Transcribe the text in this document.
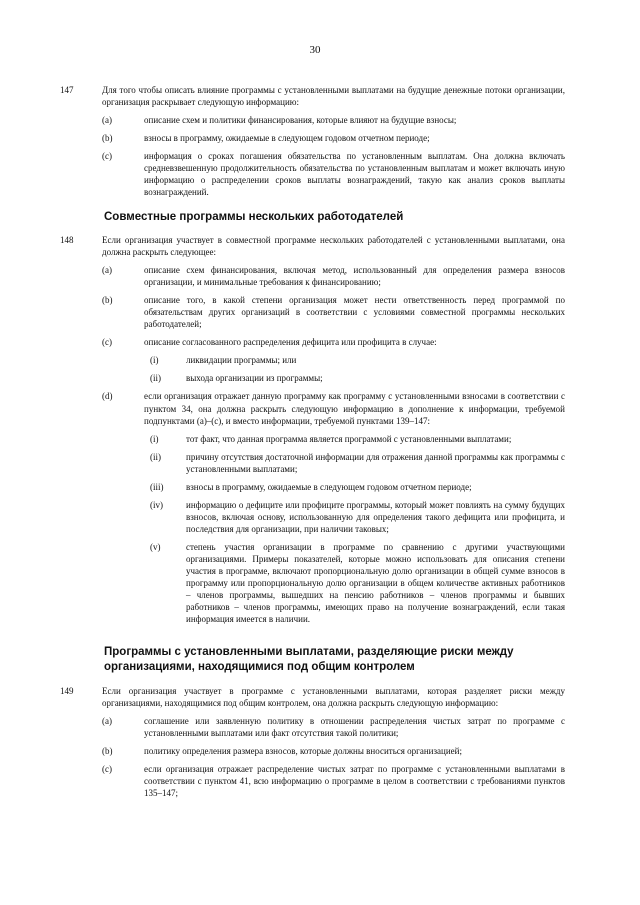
30
147	Для того чтобы описать влияние программы с установленными выплатами на будущие денежные потоки организации, организация раскрывает следующую информацию:
(a)	описание схем и политики финансирования, которые влияют на будущие взносы;
(b)	взносы в программу, ожидаемые в следующем годовом отчетном периоде;
(c)	информация о сроках погашения обязательства по установленным выплатам. Она должна включать средневзвешенную продолжительность обязательства по установленным выплатам и может включать иную информацию о распределении сроков выплаты вознаграждений, такую как анализ сроков выплаты вознаграждений.
Совместные программы нескольких работодателей
148	Если организация участвует в совместной программе нескольких работодателей с установленными выплатами, она должна раскрыть следующее:
(a)	описание схем финансирования, включая метод, использованный для определения размера взносов организации, и минимальные требования к финансированию;
(b)	описание того, в какой степени организация может нести ответственность перед программой по обязательствам других организаций в соответствии с условиями совместной программы нескольких работодателей;
(c)	описание согласованного распределения дефицита или профицита в случае:
(i)	ликвидации программы; или
(ii)	выхода организации из программы;
(d)	если организация отражает данную программу как программу с установленными взносами в соответствии с пунктом 34, она должна раскрыть следующую информацию в дополнение к информации, требуемой подпунктами (a)–(c), и вместо информации, требуемой пунктами 139–147:
(i)	тот факт, что данная программа является программой с установленными выплатами;
(ii)	причину отсутствия достаточной информации для отражения данной программы как программы с установленными выплатами;
(iii)	взносы в программу, ожидаемые в следующем годовом отчетном периоде;
(iv)	информацию о дефиците или профиците программы, который может повлиять на сумму будущих взносов, включая основу, использованную для определения такого дефицита или профицита, и последствия для организации, при наличии таковых;
(v)	степень участия организации в программе по сравнению с другими участвующими организациями. Примеры показателей, которые можно использовать для описания степени участия в программе, включают пропорциональную долю организации в общей сумме взносов в программу или пропорциональную долю организации в общем количестве активных работников – членов программы, вышедших на пенсию работников – членов программы и бывших работников – членов программы, имеющих право на получение вознаграждений, если такая информация имеется в наличии.
Программы с установленными выплатами, разделяющие риски между организациями, находящимися под общим контролем
149	Если организация участвует в программе с установленными выплатами, которая разделяет риски между организациями, находящимися под общим контролем, она должна раскрыть следующую информацию:
(a)	соглашение или заявленную политику в отношении распределения чистых затрат по программе с установленными выплатами или факт отсутствия такой политики;
(b)	политику определения размера взносов, которые должны вноситься организацией;
(c)	если организация отражает распределение чистых затрат по программе с установленными выплатами в соответствии с пунктом 41, всю информацию о программе в целом в соответствии с требованиями пунктов 135–147;
